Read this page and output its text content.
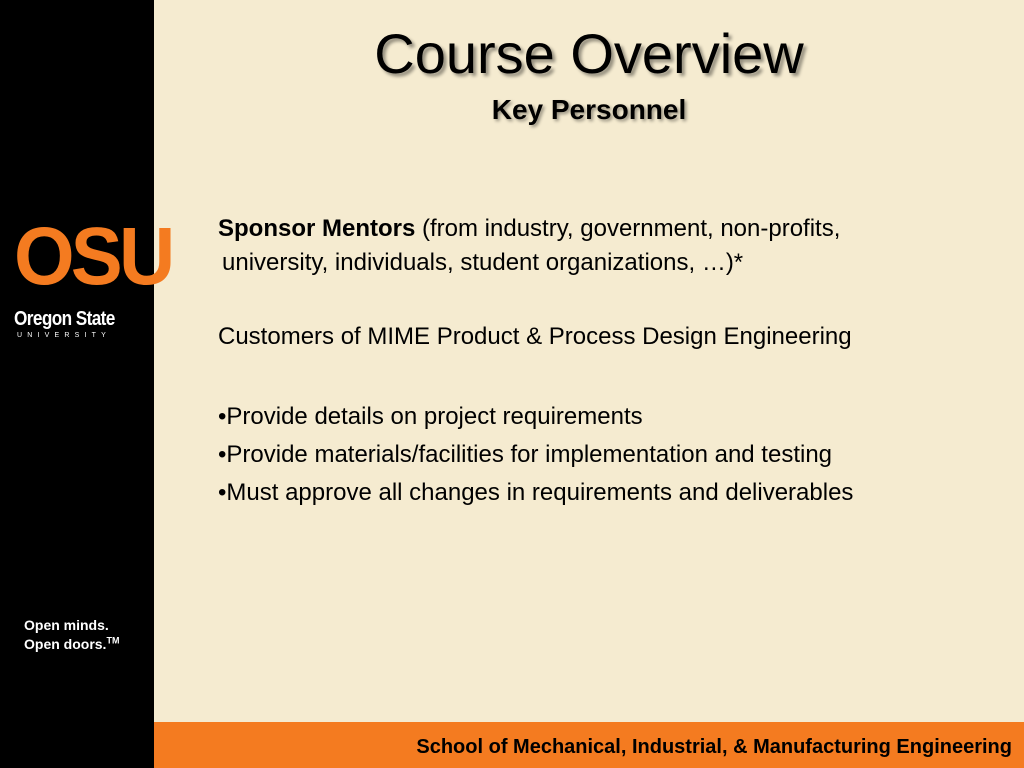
OSU
Oregon State
UNIVERSITY
Open minds.
Open doors.™
Course Overview
Key Personnel
Sponsor Mentors (from industry, government, non-profits,
university, individuals, student organizations, …)*
Customers of MIME Product & Process Design Engineering
•Provide details on project requirements
•Provide materials/facilities for implementation and testing
•Must approve all changes in requirements and deliverables
School of Mechanical, Industrial, & Manufacturing Engineering
